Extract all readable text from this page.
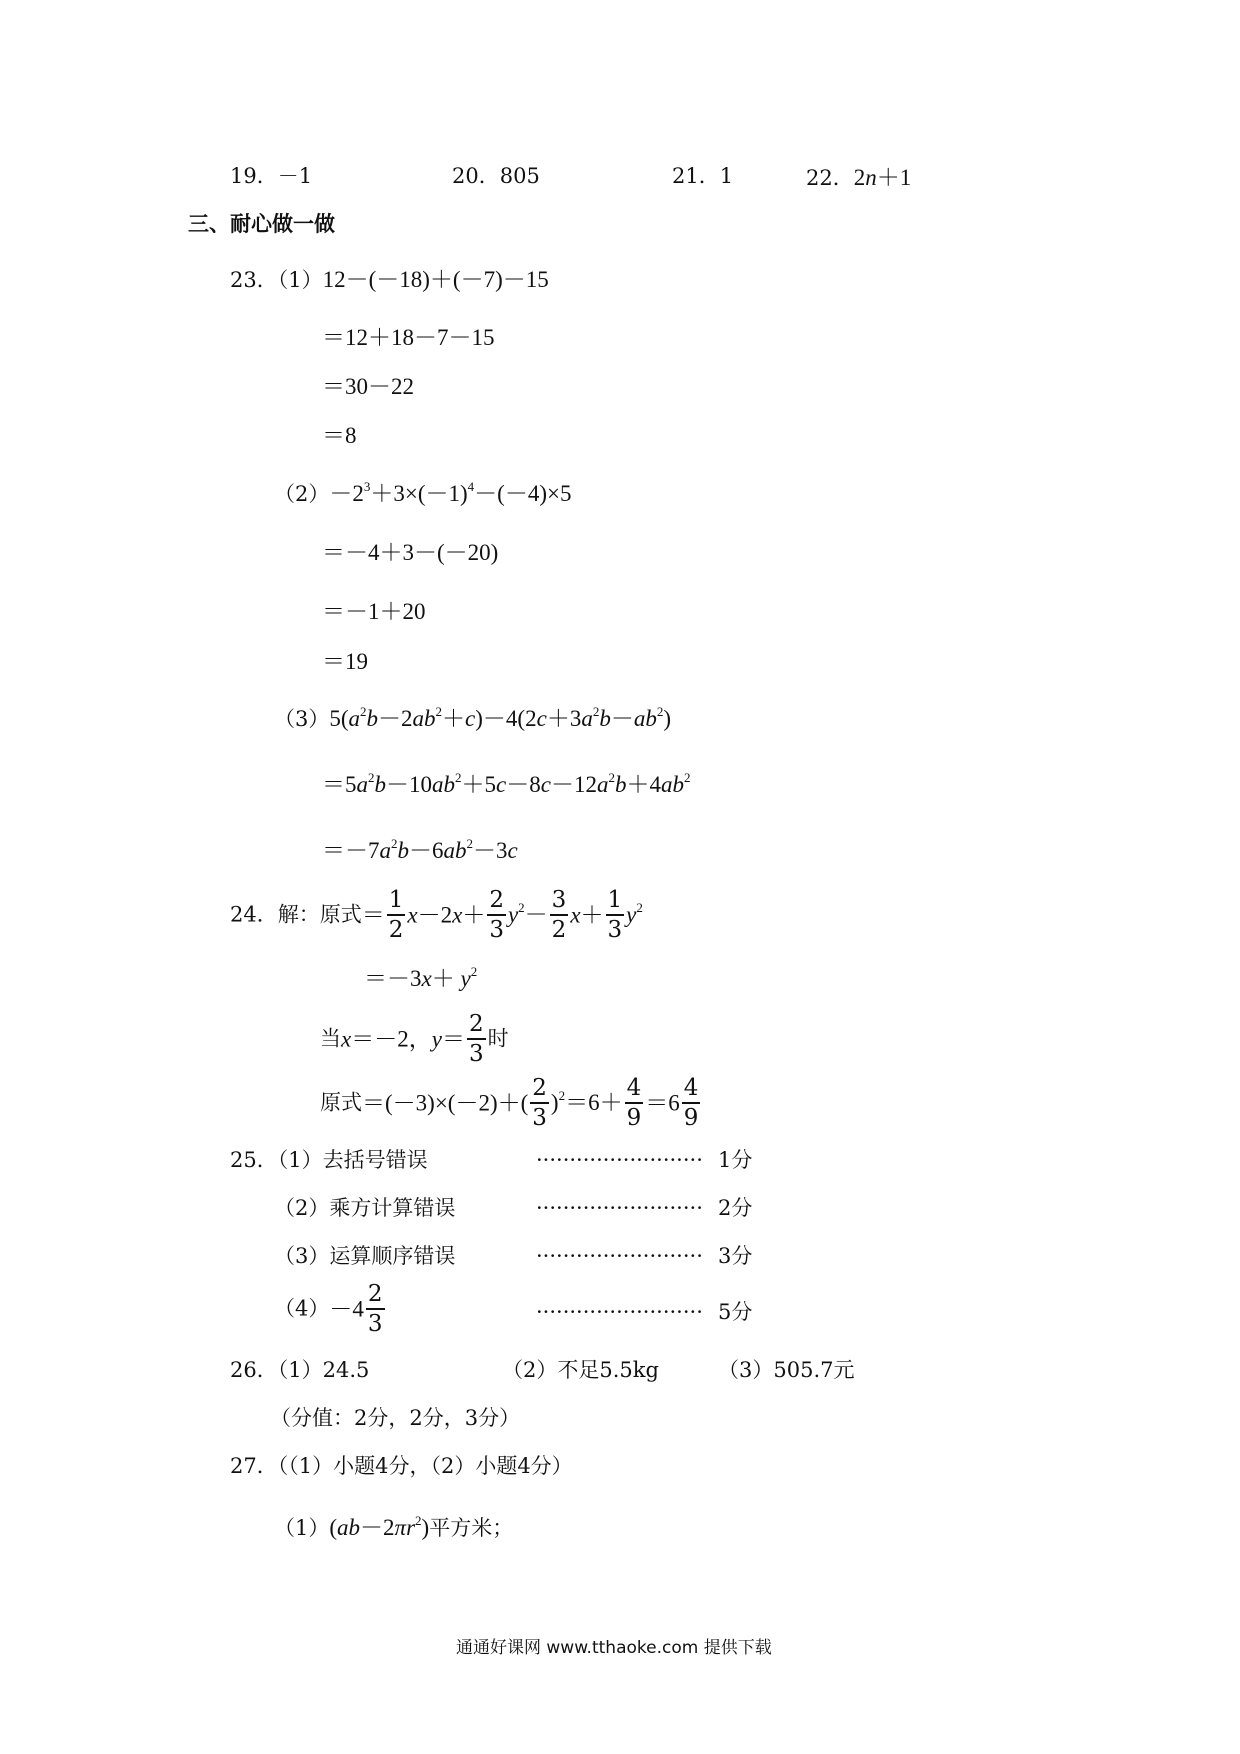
19．－1	20．805	21．1	22．2n＋1
三、耐心做一做
23．（1）12－(－18)＋(－7)－15
＝12＋18－7－15
＝30－22
＝8
$(2)-2^3+3\times(-1)^4-(-4)\times 5$
＝－4＋3－(－20)
＝－1＋20
＝19
$(3)5(a^2b-2ab^2+c)-4(2c+3a^2b-ab^2)$
$=5a^2b-10ab^2+5c-8c-12a^2b+4ab^2$
$=-7a^2b-6ab^2-3c$
24．解：原式＝ $\frac{1}{2} x-2x+ \frac{2}{3} y^2- \frac{3}{2} x+ \frac{1}{3} y^2$
$=-3x+ y^2$
当x＝－2，$y= \frac{2}{3}$ 时
原式$=(-3)\times(-2)+( \frac{2}{3} )^2=6+ \frac{4}{9} =6 \frac{4}{9}$
25．（1）去括号错误	························· 1分
（2）乘方计算错误	························· 2分
（3）运算顺序错误	························· 3分
$(4)-4 \frac{2}{3}$	························· 5分
26．（1）24.5	（2）不足5.5kg	（3）505.7元
（分值：2分，2分，3分）
27．（（1）小题4分，（2）小题4分）
$(1)(ab-2\pi r^2)$平方米；
通通好课网 www.tthaoke.com 提供下载
